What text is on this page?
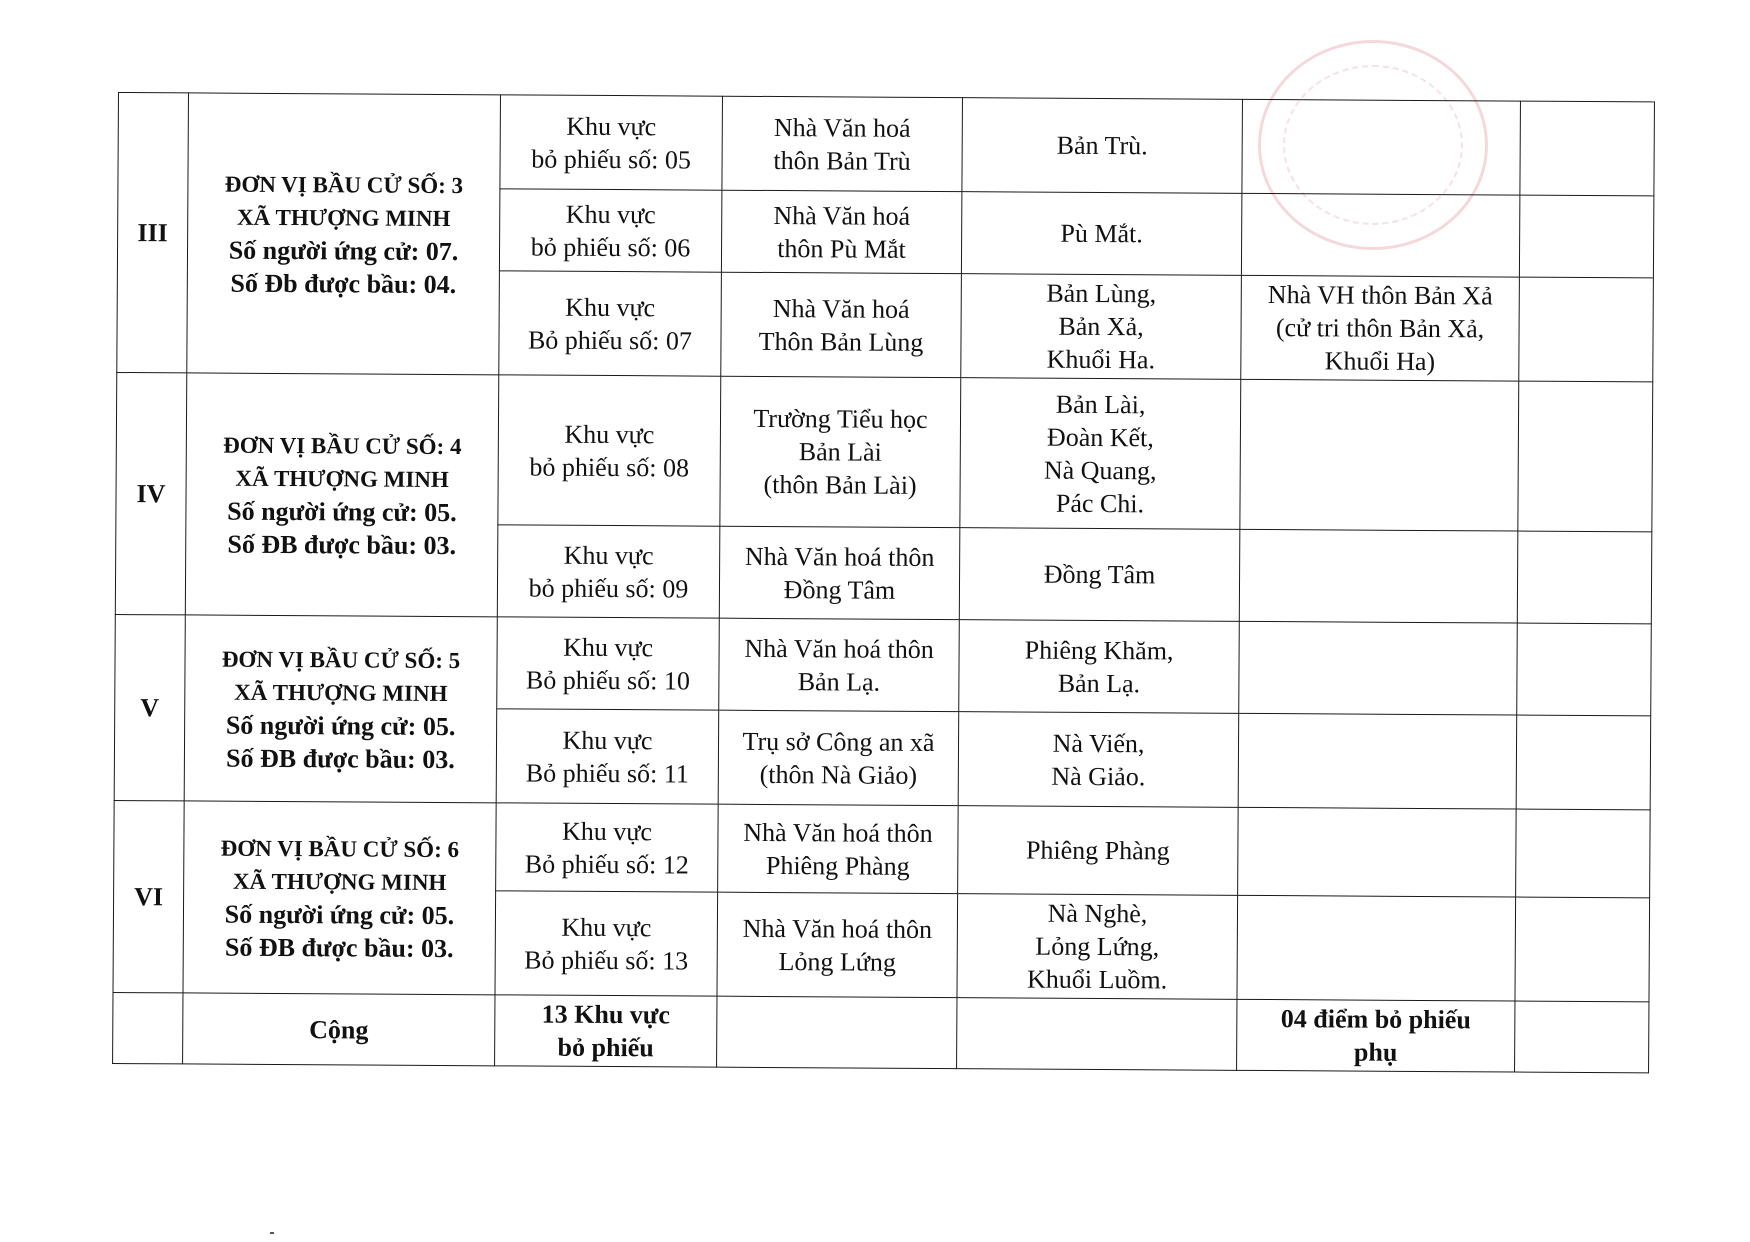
III	ĐƠN VỊ BẦU CỬ SỐ: 3
XÃ THƯỢNG MINH
Số người ứng cử: 07.
Số Đb được bầu: 04.	Khu vực
bỏ phiếu số: 05	Nhà Văn hoá
thôn Bản Trù	Bản Trù.		

		Khu vực
bỏ phiếu số: 06	Nhà Văn hoá
thôn Pù Mắt	Pù Mắt.		

		Khu vực
Bỏ phiếu số: 07	Nhà Văn hoá
Thôn Bản Lùng	Bản Lùng,
Bản Xả,
Khuổi Ha.	Nhà VH thôn Bản Xả
(cử tri thôn Bản Xả,
Khuổi Ha)	

IV	ĐƠN VỊ BẦU CỬ SỐ: 4
XÃ THƯỢNG MINH
Số người ứng cử: 05.
Số ĐB được bầu: 03.	Khu vực
bỏ phiếu số: 08	Trường Tiểu học
Bản Lài
(thôn Bản Lài)	Bản Lài,
Đoàn Kết,
Nà Quang,
Pác Chi.		

		Khu vực
bỏ phiếu số: 09	Nhà Văn hoá thôn
Đồng Tâm	Đồng Tâm		

V	ĐƠN VỊ BẦU CỬ SỐ: 5
XÃ THƯỢNG MINH
Số người ứng cử: 05.
Số ĐB được bầu: 03.	Khu vực
Bỏ phiếu số: 10	Nhà Văn hoá thôn
Bản Lạ.	Phiêng Khăm,
Bản Lạ.		

		Khu vực
Bỏ phiếu số: 11	Trụ sở Công an xã
(thôn Nà Giảo)	Nà Viến,
Nà Giảo.		

VI	ĐƠN VỊ BẦU CỬ SỐ: 6
XÃ THƯỢNG MINH
Số người ứng cử: 05.
Số ĐB được bầu: 03.	Khu vực
Bỏ phiếu số: 12	Nhà Văn hoá thôn
Phiêng Phàng	Phiêng Phàng		

		Khu vực
Bỏ phiếu số: 13	Nhà Văn hoá thôn
Lỏng Lứng	Nà Nghè,
Lỏng Lứng,
Khuổi Luồm.		

	Cộng	13 Khu vực
bỏ phiếu			04 điểm bỏ phiếu
phụ	
